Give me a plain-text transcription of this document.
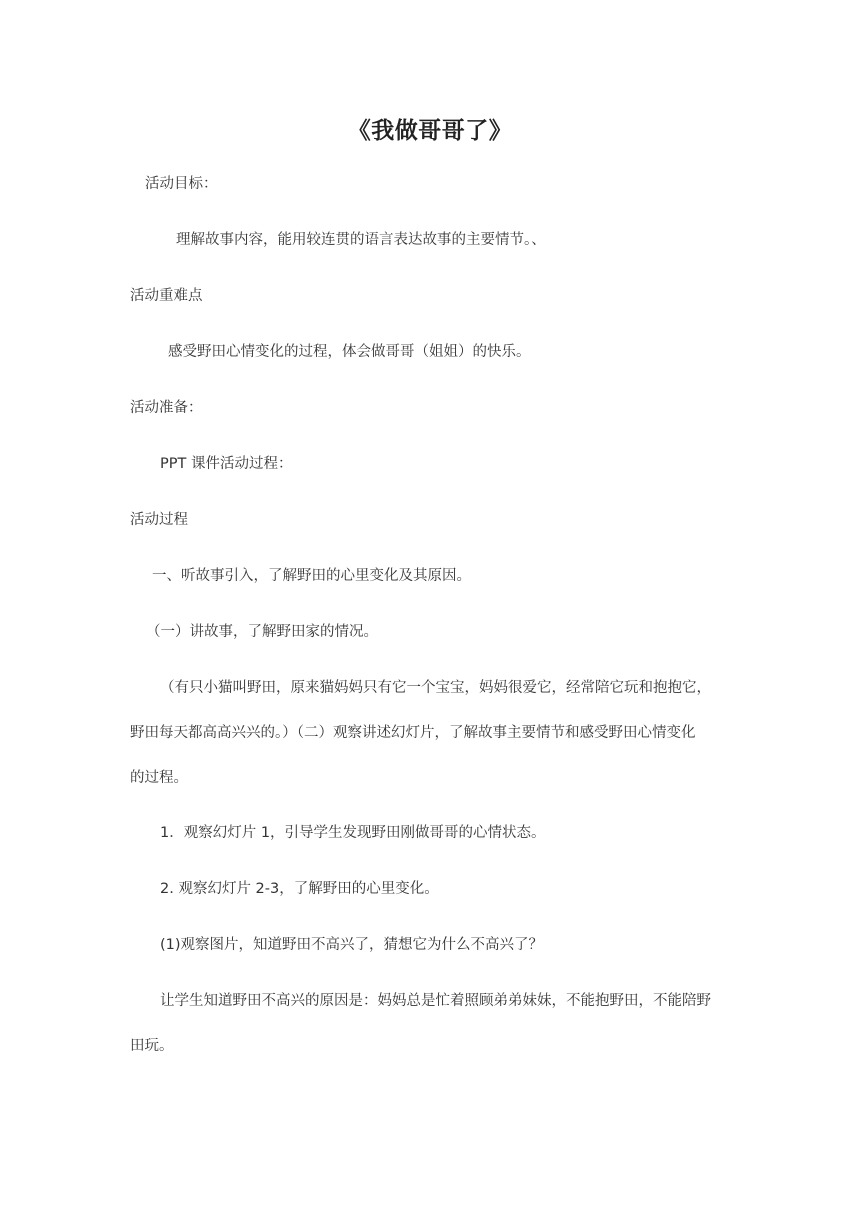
《我做哥哥了》
活动目标：
理解故事内容，能用较连贯的语言表达故事的主要情节。、
活动重难点
感受野田心情变化的过程，体会做哥哥（姐姐）的快乐。
活动准备：
PPT 课件活动过程：
活动过程
一、听故事引入，了解野田的心里变化及其原因。
（一）讲故事，了解野田家的情况。
（有只小猫叫野田，原来猫妈妈只有它一个宝宝，妈妈很爱它，经常陪它玩和抱抱它，
野田每天都高高兴兴的。）（二）观察讲述幻灯片，了解故事主要情节和感受野田心情变化
的过程。
1．观察幻灯片 1，引导学生发现野田刚做哥哥的心情状态。
2. 观察幻灯片 2-3，了解野田的心里变化。
(1)观察图片，知道野田不高兴了，猜想它为什么不高兴了？
让学生知道野田不高兴的原因是：妈妈总是忙着照顾弟弟妹妹，不能抱野田，不能陪野
田玩。
